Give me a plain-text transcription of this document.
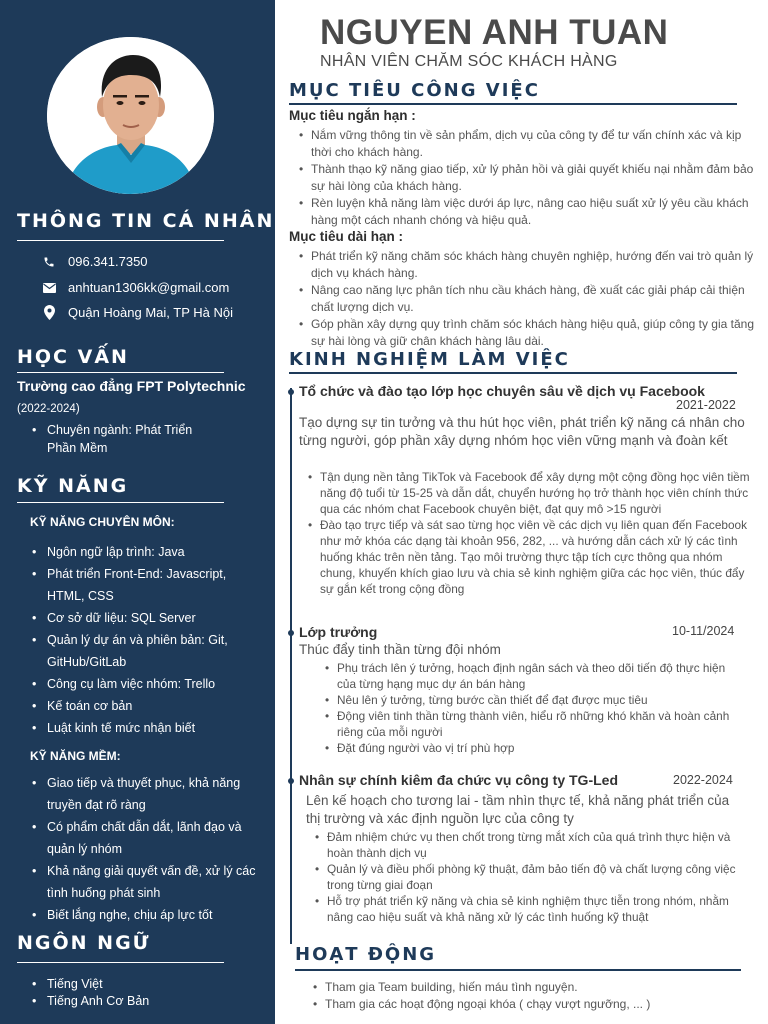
THÔNG TIN CÁ NHÂN
096.341.7350
anhtuan1306kk@gmail.com
Quận Hoàng Mai, TP Hà Nội
HỌC VẤN
Trường cao đẳng FPT Polytechnic
(2022-2024)
• Chuyên ngành: Phát Triển Phần Mềm
KỸ NĂNG
KỸ NĂNG CHUYÊN MÔN:
• Ngôn ngữ lập trình: Java
• Phát triển Front-End: Javascript, HTML, CSS
• Cơ sở dữ liệu: SQL Server
• Quản lý dự án và phiên bản: Git, GitHub/GitLab
• Công cụ làm việc nhóm: Trello
• Kế toán cơ bản
• Luật kinh tế mức nhận biết
KỸ NĂNG MỀM:
• Giao tiếp và thuyết phục, khả năng truyền đạt rõ ràng
• Có phẩm chất dẫn dắt, lãnh đạo và quản lý nhóm
• Khả năng giải quyết vấn đề, xử lý các tình huống phát sinh
• Biết lắng nghe, chịu áp lực tốt
NGÔN NGỮ
• Tiếng Việt
• Tiếng Anh Cơ Bản
NGUYEN ANH TUAN
NHÂN VIÊN CHĂM SÓC KHÁCH HÀNG
MỤC TIÊU CÔNG VIỆC
Mục tiêu ngắn hạn :
• Nắm vững thông tin về sản phẩm, dịch vụ của công ty để tư vấn chính xác và kịp thời cho khách hàng.
• Thành thạo kỹ năng giao tiếp, xử lý phản hồi và giải quyết khiếu nại nhằm đảm bảo sự hài lòng của khách hàng.
• Rèn luyện khả năng làm việc dưới áp lực, nâng cao hiệu suất xử lý yêu cầu khách hàng một cách nhanh chóng và hiệu quả.
Mục tiêu dài hạn :
• Phát triển kỹ năng chăm sóc khách hàng chuyên nghiệp, hướng đến vai trò quản lý dịch vụ khách hàng.
• Nâng cao năng lực phân tích nhu cầu khách hàng, đề xuất các giải pháp cải thiện chất lượng dịch vụ.
• Góp phần xây dựng quy trình chăm sóc khách hàng hiệu quả, giúp công ty gia tăng sự hài lòng và giữ chân khách hàng lâu dài.
KINH NGHIỆM LÀM VIỆC
Tổ chức và đào tạo lớp học chuyên sâu về dịch vụ Facebook
2021-2022
Tạo dựng sự tin tưởng và thu hút học viên, phát triển kỹ năng cá nhân cho từng người, góp phần xây dựng nhóm học viên vững mạnh và đoàn kết
• Tận dụng nền tảng TikTok và Facebook để xây dựng một cộng đồng học viên tiềm năng độ tuổi từ 15-25 và dẫn dắt, chuyển hướng họ trở thành học viên chính thức qua các nhóm chat Facebook chuyên biệt, đạt quy mô >15 người
• Đào tạo trực tiếp và sát sao từng học viên về các dịch vụ liên quan đến Facebook như mở khóa các dạng tài khoản 956, 282, ... và hướng dẫn cách xử lý các tình huống khác trên nền tảng. Tạo môi trường thực tập tích cực thông qua nhóm chung, khuyến khích giao lưu và chia sẻ kinh nghiệm giữa các học viên, thúc đẩy sự gắn kết trong cộng đồng
Lớp trưởng	10-11/2024
Thúc đẩy tinh thần từng đội nhóm
• Phụ trách lên ý tưởng, hoạch định ngân sách và theo dõi tiến độ thực hiện của từng hạng mục dự án bán hàng
• Nêu lên ý tưởng, từng bước cần thiết để đạt được mục tiêu
• Động viên tinh thần từng thành viên, hiểu rõ những khó khăn và hoàn cảnh riêng của mỗi người
• Đặt đúng người vào vị trí phù hợp
Nhân sự chính kiêm đa chức vụ công ty TG-Led	2022-2024
Lên kế hoạch cho tương lai - tầm nhìn thực tế, khả năng phát triển của thị trường và xác định nguồn lực của công ty
• Đảm nhiệm chức vụ then chốt trong từng mắt xích của quá trình thực hiện và hoàn thành dịch vụ
• Quản lý và điều phối phòng kỹ thuật, đảm bảo tiến độ và chất lượng công việc trong từng giai đoạn
• Hỗ trợ phát triển kỹ năng và chia sẻ kinh nghiệm thực tiễn trong nhóm, nhằm nâng cao hiệu suất và khả năng xử lý các tình huống kỹ thuật
HOẠT ĐỘNG
• Tham gia Team building, hiến máu tình nguyện.
• Tham gia các hoạt động ngoại khóa ( chạy vượt ngưỡng, ... )
